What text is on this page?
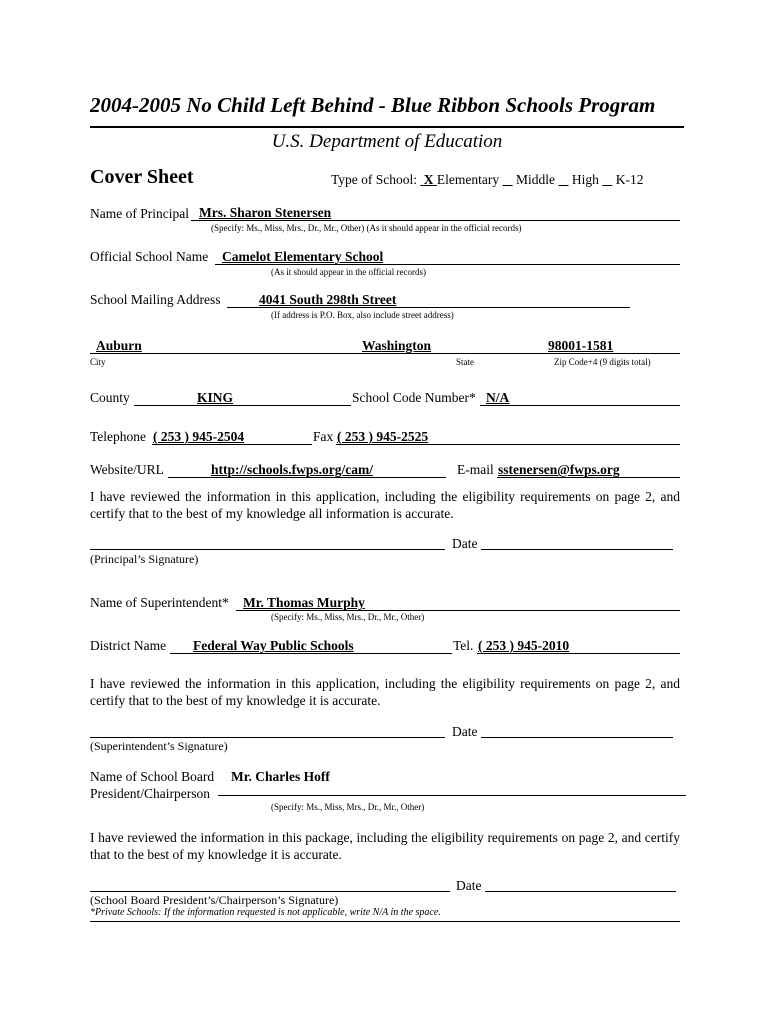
2004-2005 No Child Left Behind - Blue Ribbon Schools Program
U.S. Department of Education
Cover Sheet	Type of School: X Elementary Middle High K-12
Name of Principal Mrs. Sharon Stenersen
(Specify: Ms., Miss, Mrs., Dr., Mr., Other) (As it should appear in the official records)
Official School Name Camelot Elementary School
(As it should appear in the official records)
School Mailing Address	4041 South 298th Street
(If address is P.O. Box, also include street address)
Auburn	Washington	98001-1581
City	State	Zip Code+4 (9 digits total)
County	KING	School Code Number* N/A
Telephone ( 253 ) 945-2504	Fax ( 253 ) 945-2525
Website/URL	http://schools.fwps.org/cam/	E-mail sstenersen@fwps.org
I have reviewed the information in this application, including the eligibility requirements on page 2, and certify that to the best of my knowledge all information is accurate.
Date
(Principal’s Signature)
Name of Superintendent* Mr. Thomas Murphy
(Specify: Ms., Miss, Mrs., Dr., Mr., Other)
District Name Federal Way Public Schools	Tel. ( 253 ) 945-2010
I have reviewed the information in this application, including the eligibility requirements on page 2, and certify that to the best of my knowledge it is accurate.
Date
(Superintendent’s Signature)
Name of School Board Mr. Charles Hoff
President/Chairperson
(Specify: Ms., Miss, Mrs., Dr., Mr., Other)
I have reviewed the information in this package, including the eligibility requirements on page 2, and certify that to the best of my knowledge it is accurate.
Date
(School Board President’s/Chairperson’s Signature)
*Private Schools: If the information requested is not applicable, write N/A in the space.
